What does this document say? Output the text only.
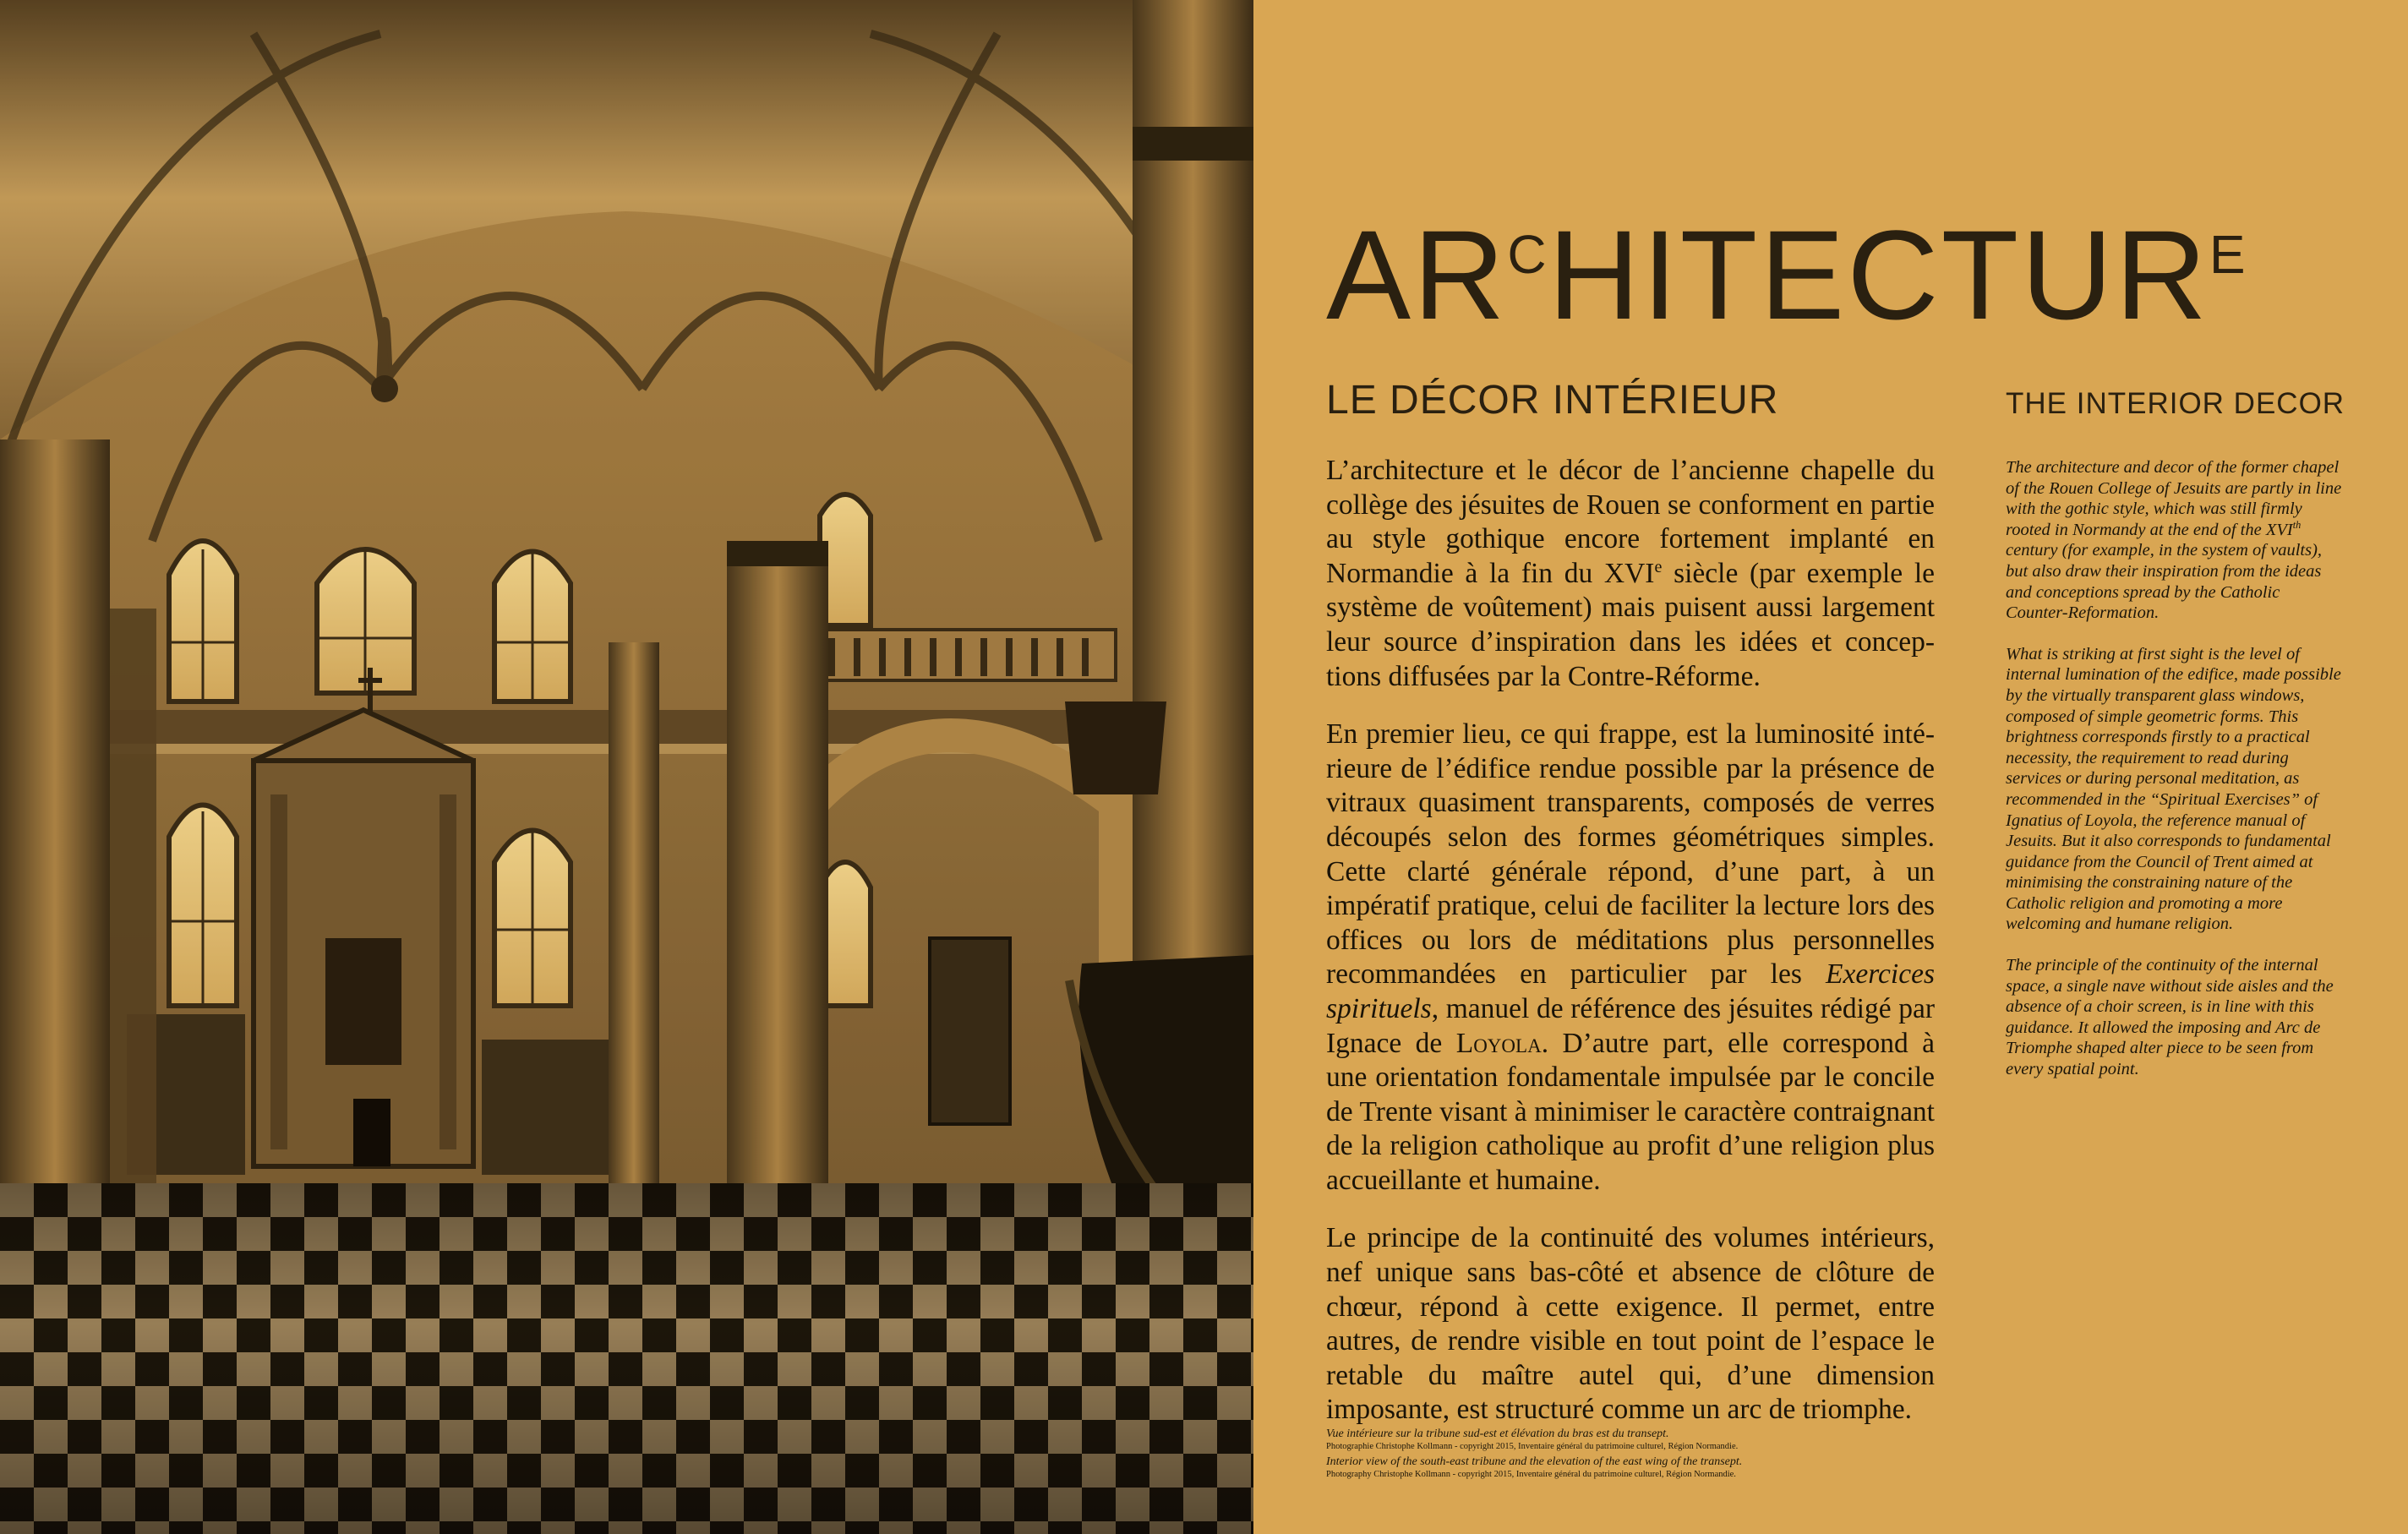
$AR^CHITECTUR^E$
LE DÉCOR INTÉRIEUR	THE INTERIOR DECOR

L’architecture et le décor de l’ancienne chapelle du collège des jésuites de Rouen se conforment en partie au style gothique encore fortement implanté en Normandie à la fin du XVIe siècle (par exemple le système de voûtement) mais puisent aussi largement leur source d’inspiration dans les idées et conceptions diffusées par la Contre-Réforme.

En premier lieu, ce qui frappe, est la luminosité intérieure de l’édifice rendue possible par la présence de vitraux quasiment transparents, composés de verres découpés selon des formes géométriques simples. Cette clarté générale répond, d’une part, à un impératif pratique, celui de faciliter la lecture lors des offices ou lors de méditations plus personnelles recommandées en particulier par les Exercices spirituels, manuel de référence des jésuites rédigé par Ignace de Loyola. D’autre part, elle correspond à une orientation fondamentale impulsée par le concile de Trente visant à minimiser le caractère contraignant de la religion catholique au profit d’une religion plus accueillante et humaine.

Le principe de la continuité des volumes intérieurs, nef unique sans bas-côté et absence de clôture de chœur, répond à cette exigence. Il permet, entre autres, de rendre visible en tout point de l’espace le retable du maître autel qui, d’une dimension imposante, est structuré comme un arc de triomphe.

The architecture and decor of the former chapel of the Rouen College of Jesuits are partly in line with the gothic style, which was still firmly rooted in Normandy at the end of the XVIth century (for example, in the system of vaults), but also draw their inspiration from the ideas and conceptions spread by the Catholic Counter-Reformation.

What is striking at first sight is the level of internal lumination of the edifice, made possible by the virtually transparent glass windows, composed of simple geometric forms. This brightness corresponds firstly to a practical necessity, the requirement to read during services or during personal meditation, as recommended in the “Spiritual Exercises” of Ignatius of Loyola, the reference manual of Jesuits. But it also corresponds to fundamental guidance from the Council of Trent aimed at minimising the constraining nature of the Catholic religion and promoting a more welcoming and humane religion.

The principle of the continuity of the internal space, a single nave without side aisles and the absence of a choir screen, is in line with this guidance. It allowed the imposing and Arc de Triomphe shaped alter piece to be seen from every spatial point.

Vue intérieure sur la tribune sud-est et élévation du bras est du transept.

Photographie Christophe Kollmann - copyright 2015, Inventaire général du patrimoine culturel, Région Normandie.

Interior view of the south-east tribune and the elevation of the east wing of the transept.

Photography Christophe Kollmann - copyright 2015, Inventaire général du patrimoine culturel, Région Normandie.
